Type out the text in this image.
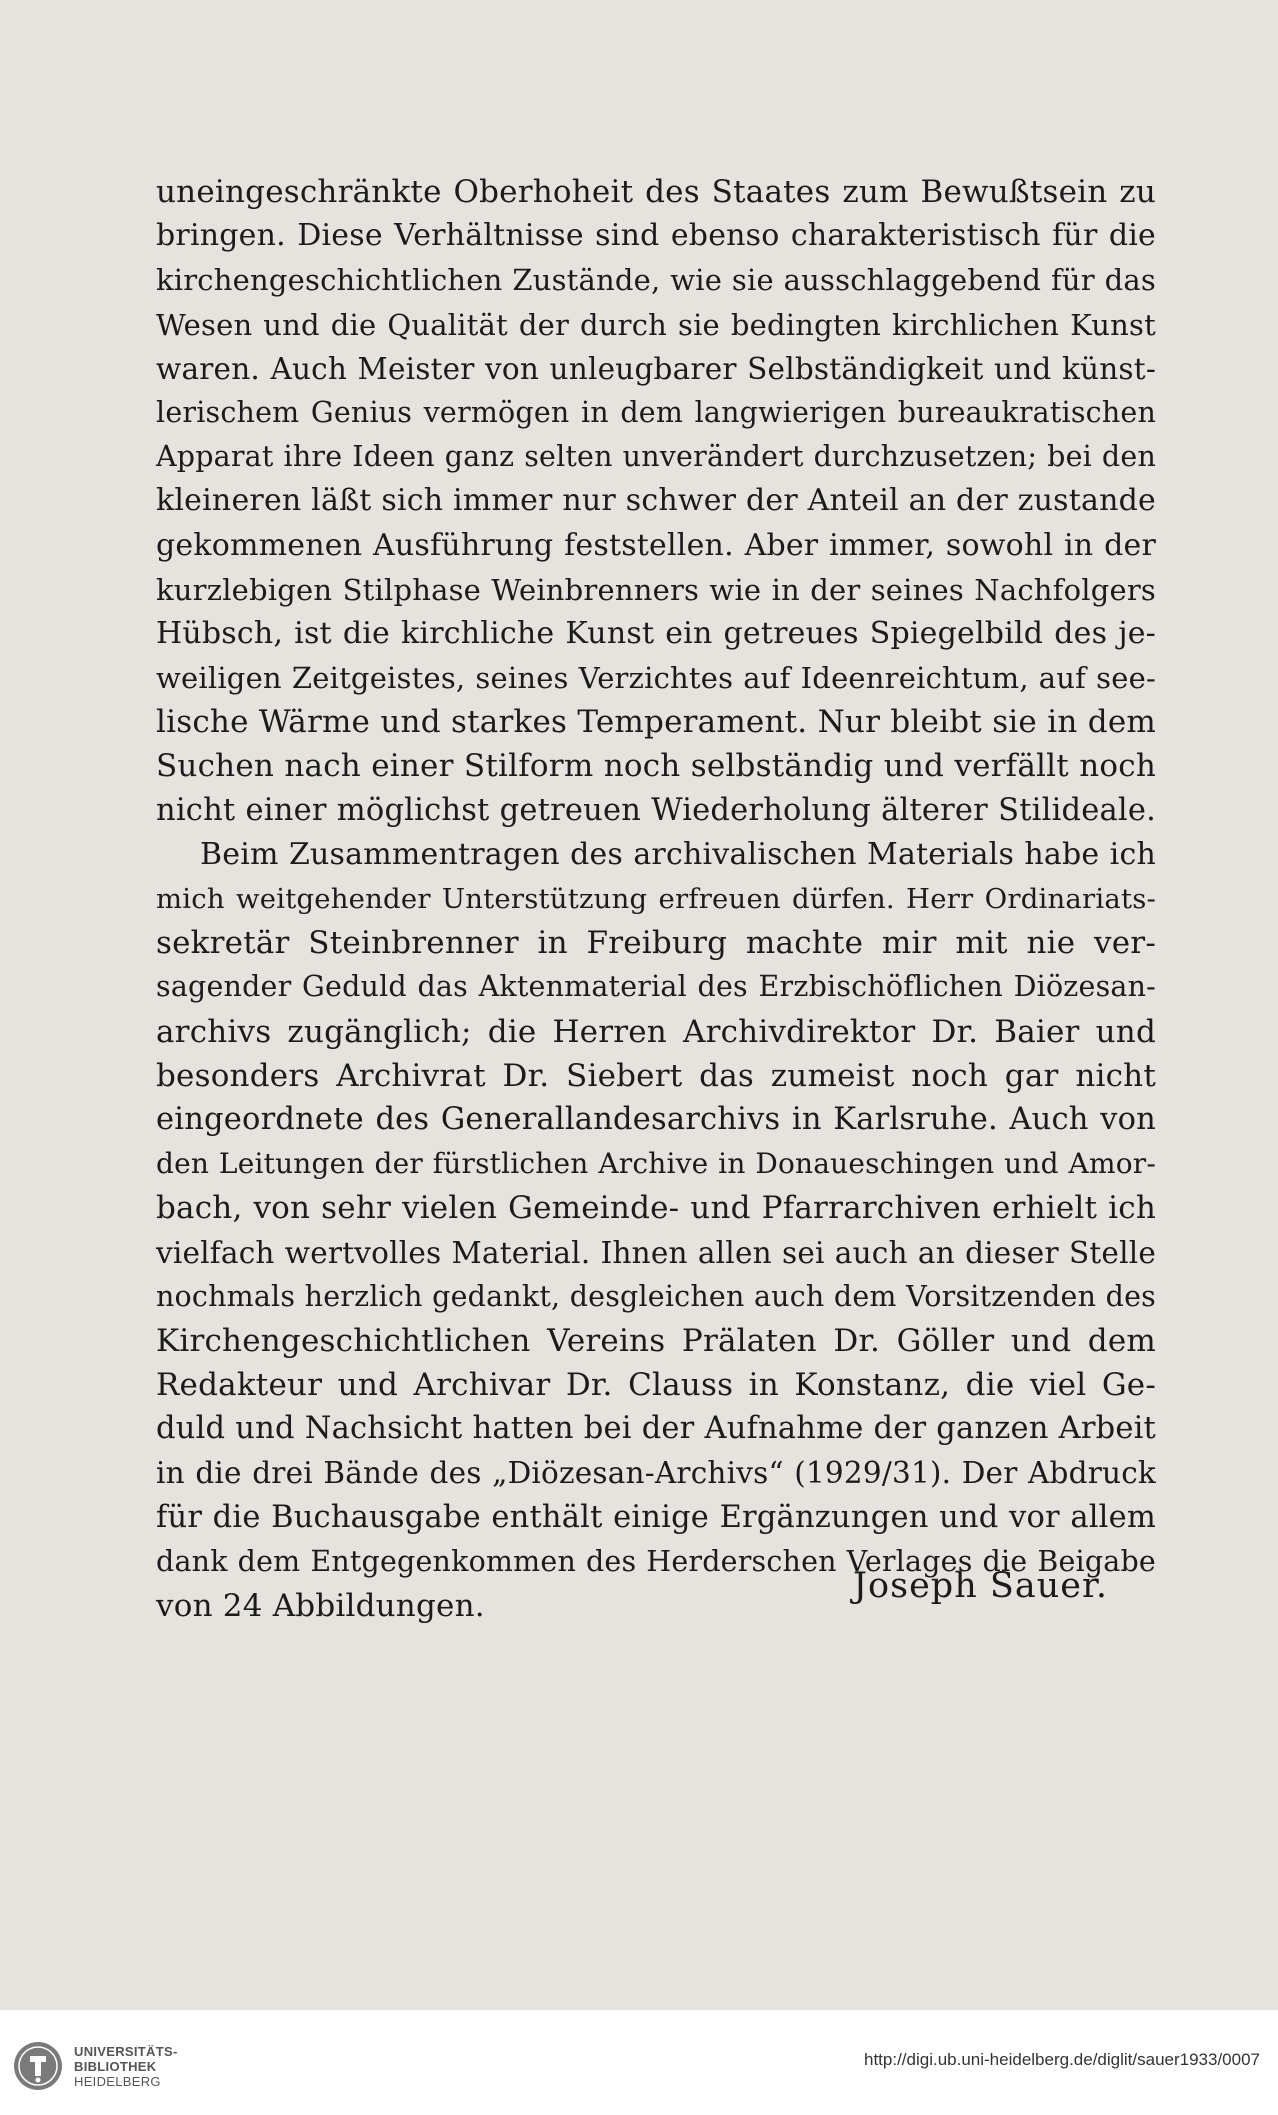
uneingeschränkte Oberhoheit des Staates zum Bewußtsein zu
bringen. Diese Verhältnisse sind ebenso charakteristisch für die
kirchengeschichtlichen Zustände, wie sie ausschlaggebend für das
Wesen und die Qualität der durch sie bedingten kirchlichen Kunst
waren. Auch Meister von unleugbarer Selbständigkeit und künst-
lerischem Genius vermögen in dem langwierigen bureaukratischen
Apparat ihre Ideen ganz selten unverändert durchzusetzen; bei den
kleineren läßt sich immer nur schwer der Anteil an der zustande
gekommenen Ausführung feststellen. Aber immer, sowohl in der
kurzlebigen Stilphase Weinbrenners wie in der seines Nachfolgers
Hübsch, ist die kirchliche Kunst ein getreues Spiegelbild des je-
weiligen Zeitgeistes, seines Verzichtes auf Ideenreichtum, auf see-
lische Wärme und starkes Temperament. Nur bleibt sie in dem
Suchen nach einer Stilform noch selbständig und verfällt noch
nicht einer möglichst getreuen Wiederholung älterer Stilideale.
Beim Zusammentragen des archivalischen Materials habe ich
mich weitgehender Unterstützung erfreuen dürfen. Herr Ordinariats-
sekretär Steinbrenner in Freiburg machte mir mit nie ver-
sagender Geduld das Aktenmaterial des Erzbischöflichen Diözesan-
archivs zugänglich; die Herren Archivdirektor Dr. Baier und
besonders Archivrat Dr. Siebert das zumeist noch gar nicht
eingeordnete des Generallandesarchivs in Karlsruhe. Auch von
den Leitungen der fürstlichen Archive in Donaueschingen und Amor-
bach, von sehr vielen Gemeinde- und Pfarrarchiven erhielt ich
vielfach wertvolles Material. Ihnen allen sei auch an dieser Stelle
nochmals herzlich gedankt, desgleichen auch dem Vorsitzenden des
Kirchengeschichtlichen Vereins Prälaten Dr. Göller und dem
Redakteur und Archivar Dr. Clauss in Konstanz, die viel Ge-
duld und Nachsicht hatten bei der Aufnahme der ganzen Arbeit
in die drei Bände des „Diözesan-Archivs“ (1929/31). Der Abdruck
für die Buchausgabe enthält einige Ergänzungen und vor allem
dank dem Entgegenkommen des Herderschen Verlages die Beigabe
von 24 Abbildungen.	Joseph Sauer.
UNIVERSITÄTS-
BIBLIOTHEK
HEIDELBERG
http://digi.ub.uni-heidelberg.de/diglit/sauer1933/0007
